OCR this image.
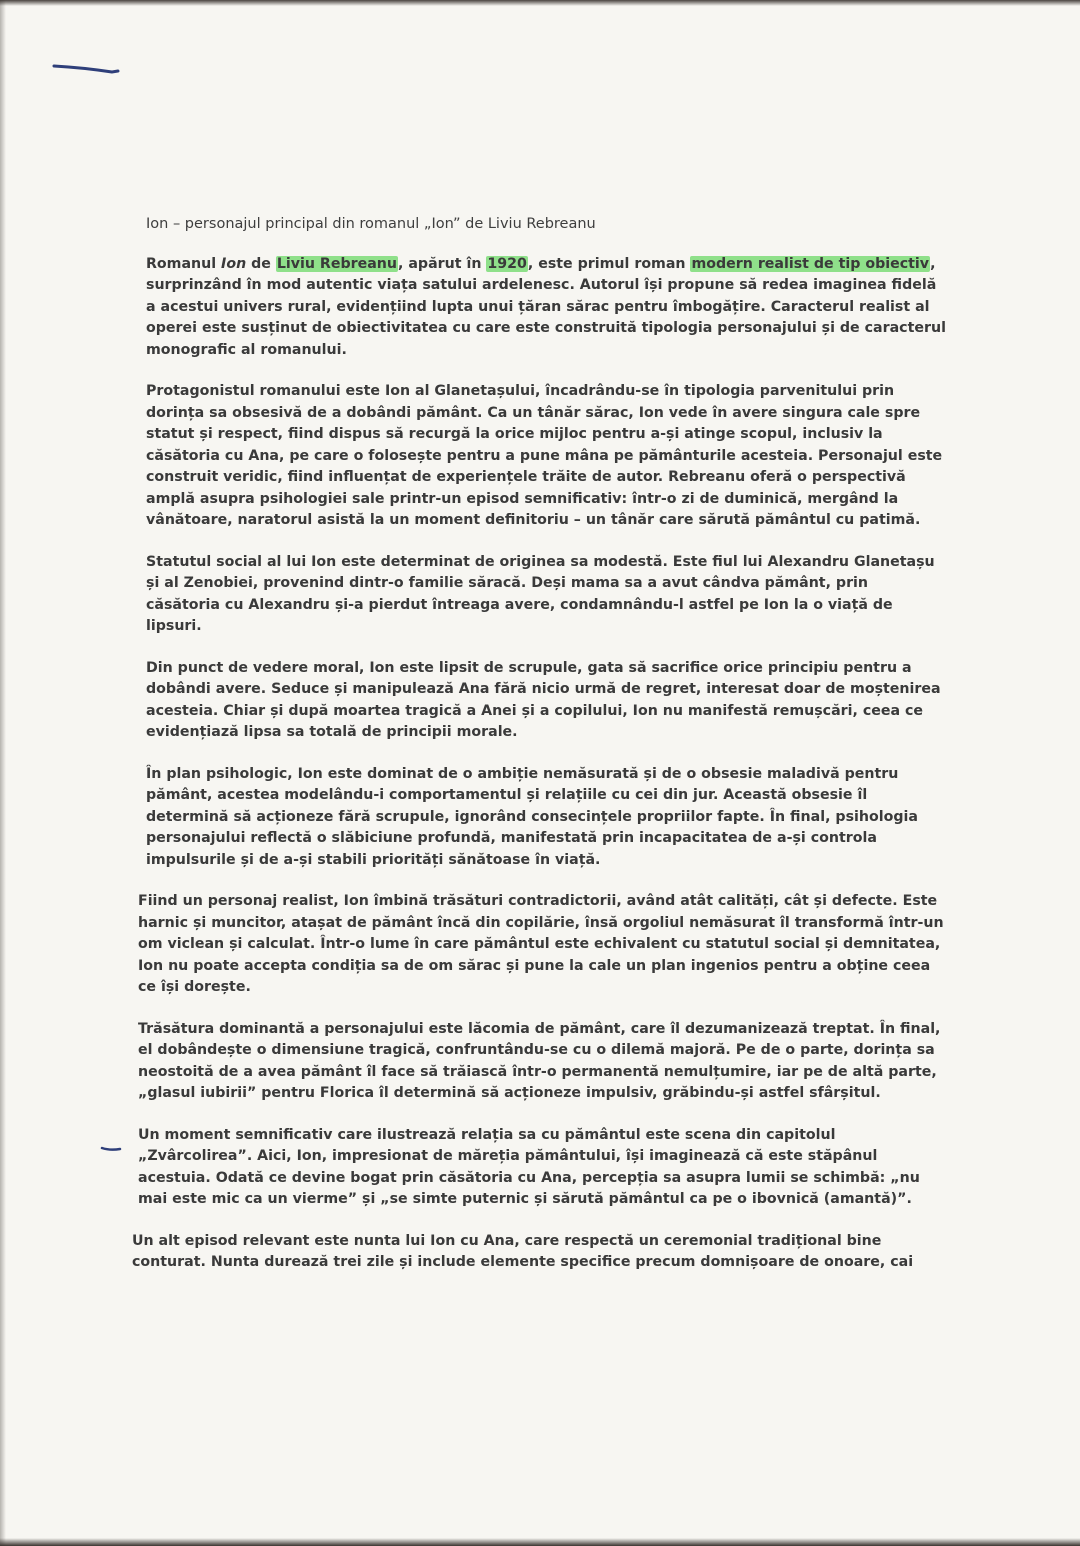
Ion – personajul principal din romanul „Ion” de Liviu Rebreanu

Romanul Ion de Liviu Rebreanu, apărut în 1920, este primul roman modern realist de tip obiectiv, surprinzând în mod autentic viața satului ardelenesc. Autorul își propune să redea imaginea fidelă a acestui univers rural, evidențiind lupta unui țăran sărac pentru îmbogățire. Caracterul realist al operei este susținut de obiectivitatea cu care este construită tipologia personajului și de caracterul monografic al romanului.

Protagonistul romanului este Ion al Glanetașului, încadrându-se în tipologia parvenitului prin dorința sa obsesivă de a dobândi pământ. Ca un tânăr sărac, Ion vede în avere singura cale spre statut și respect, fiind dispus să recurgă la orice mijloc pentru a-și atinge scopul, inclusiv la căsătoria cu Ana, pe care o folosește pentru a pune mâna pe pământurile acesteia. Personajul este construit veridic, fiind influențat de experiențele trăite de autor. Rebreanu oferă o perspectivă amplă asupra psihologiei sale printr-un episod semnificativ: într-o zi de duminică, mergând la vânătoare, naratorul asistă la un moment definitoriu – un tânăr care sărută pământul cu patimă.

Statutul social al lui Ion este determinat de originea sa modestă. Este fiul lui Alexandru Glanetașu și al Zenobiei, provenind dintr-o familie săracă. Deși mama sa a avut cândva pământ, prin căsătoria cu Alexandru și-a pierdut întreaga avere, condamnându-l astfel pe Ion la o viață de lipsuri.

Din punct de vedere moral, Ion este lipsit de scrupule, gata să sacrifice orice principiu pentru a dobândi avere. Seduce și manipulează Ana fără nicio urmă de regret, interesat doar de moștenirea acesteia. Chiar și după moartea tragică a Anei și a copilului, Ion nu manifestă remușcări, ceea ce evidențiază lipsa sa totală de principii morale.

În plan psihologic, Ion este dominat de o ambiție nemăsurată și de o obsesie maladivă pentru pământ, acestea modelându-i comportamentul și relațiile cu cei din jur. Această obsesie îl determină să acționeze fără scrupule, ignorând consecințele propriilor fapte. În final, psihologia personajului reflectă o slăbiciune profundă, manifestată prin incapacitatea de a-și controla impulsurile și de a-și stabili priorități sănătoase în viață.

Fiind un personaj realist, Ion îmbină trăsături contradictorii, având atât calități, cât și defecte. Este harnic și muncitor, atașat de pământ încă din copilărie, însă orgoliul nemăsurat îl transformă într-un om viclean și calculat. Într-o lume în care pământul este echivalent cu statutul social și demnitatea, Ion nu poate accepta condiția sa de om sărac și pune la cale un plan ingenios pentru a obține ceea ce își dorește.

Trăsătura dominantă a personajului este lăcomia de pământ, care îl dezumanizează treptat. În final, el dobândește o dimensiune tragică, confruntându-se cu o dilemă majoră. Pe de o parte, dorința sa neostoită de a avea pământ îl face să trăiască într-o permanentă nemulțumire, iar pe de altă parte, „glasul iubirii” pentru Florica îl determină să acționeze impulsiv, grăbindu-și astfel sfârșitul.

Un moment semnificativ care ilustrează relația sa cu pământul este scena din capitolul „Zvârcolirea”. Aici, Ion, impresionat de măreția pământului, își imaginează că este stăpânul acestuia. Odată ce devine bogat prin căsătoria cu Ana, percepția sa asupra lumii se schimbă: „nu mai este mic ca un vierme” și „se simte puternic și sărută pământul ca pe o ibovnică (amantă)”.

Un alt episod relevant este nunta lui Ion cu Ana, care respectă un ceremonial tradițional bine conturat. Nunta durează trei zile și include elemente specifice precum domnișoare de onoare, cai
